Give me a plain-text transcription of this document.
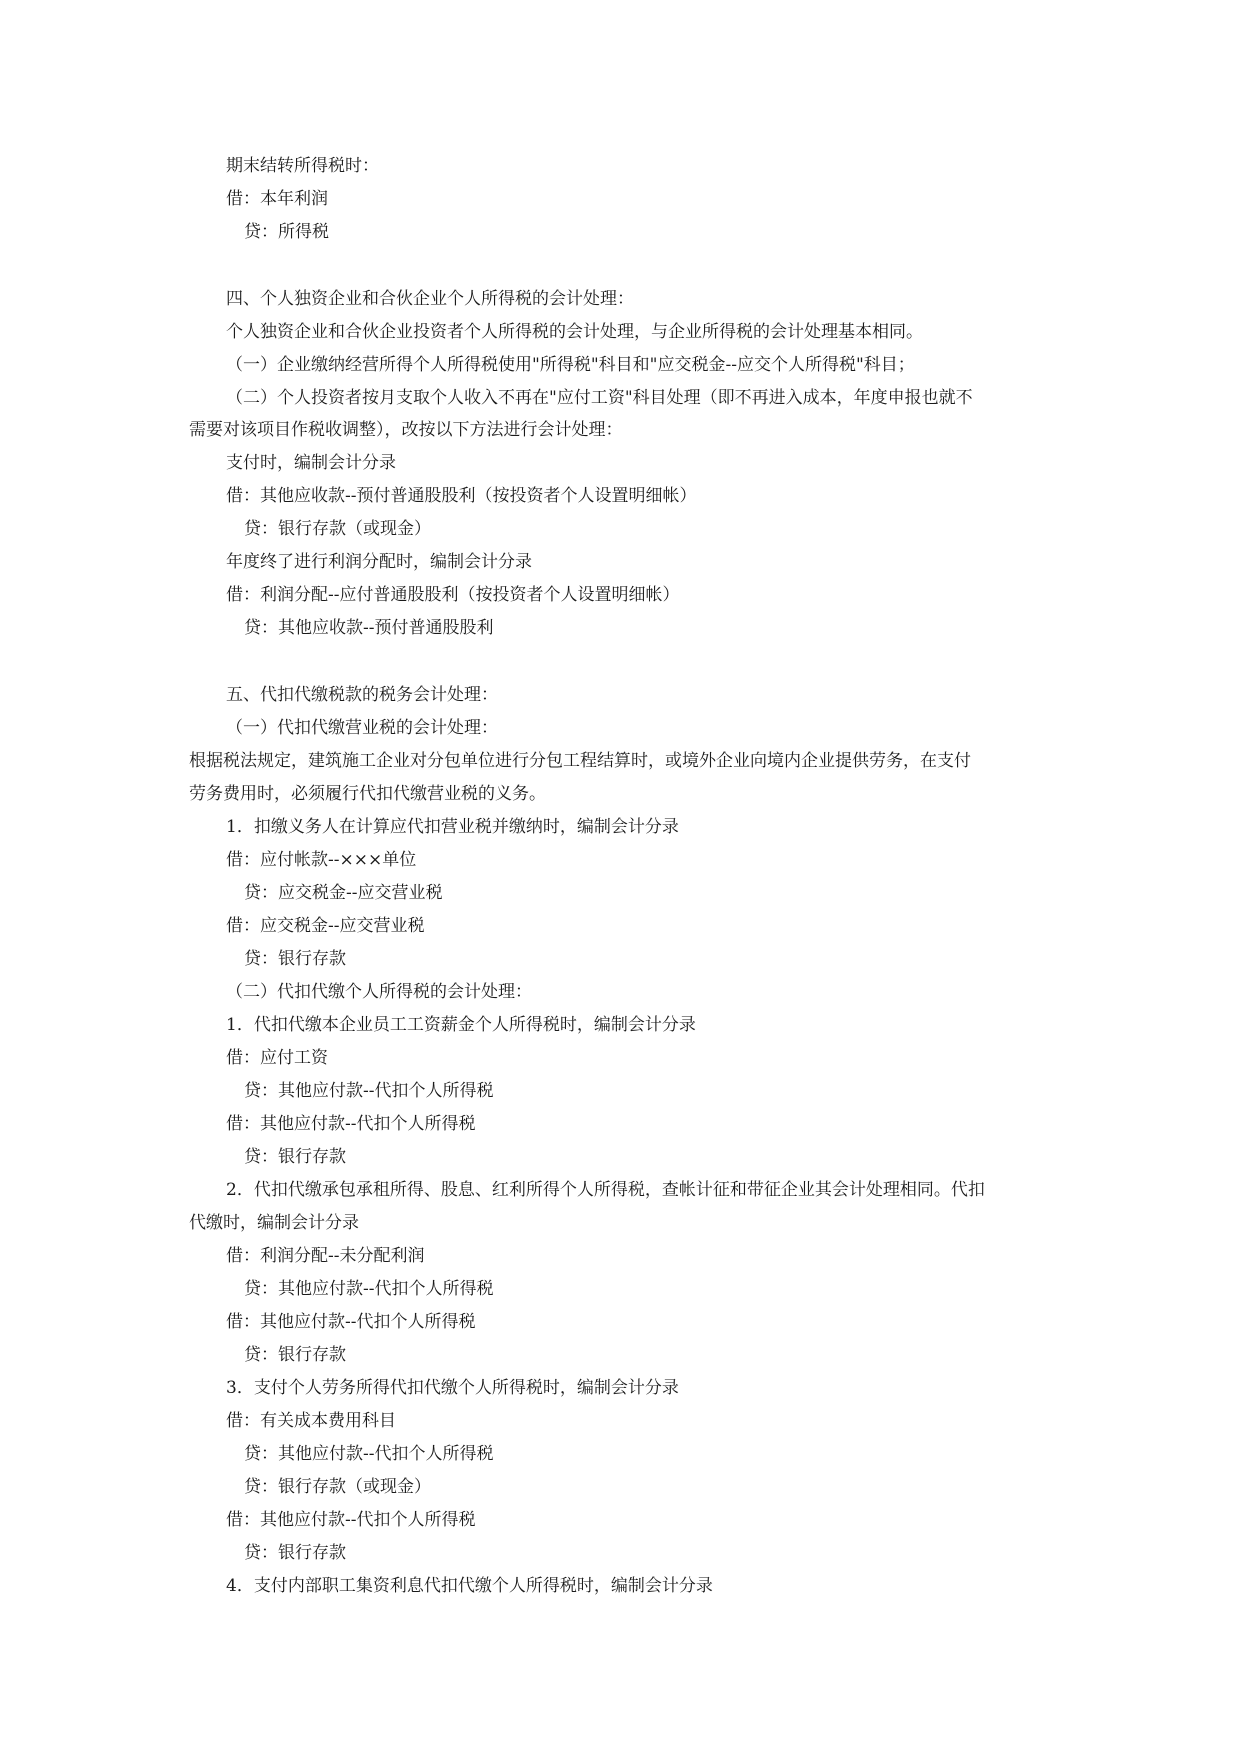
期末结转所得税时：
借：本年利润
贷：所得税
四、个人独资企业和合伙企业个人所得税的会计处理：
个人独资企业和合伙企业投资者个人所得税的会计处理，与企业所得税的会计处理基本相同。
（一）企业缴纳经营所得个人所得税使用"所得税"科目和"应交税金--应交个人所得税"科目；
（二）个人投资者按月支取个人收入不再在"应付工资"科目处理（即不再进入成本，年度申报也就不
需要对该项目作税收调整），改按以下方法进行会计处理：
支付时，编制会计分录
借：其他应收款--预付普通股股利（按投资者个人设置明细帐）
贷：银行存款（或现金）
年度终了进行利润分配时，编制会计分录
借：利润分配--应付普通股股利（按投资者个人设置明细帐）
贷：其他应收款--预付普通股股利
五、代扣代缴税款的税务会计处理：
（一）代扣代缴营业税的会计处理：
根据税法规定，建筑施工企业对分包单位进行分包工程结算时，或境外企业向境内企业提供劳务，在支付
劳务费用时，必须履行代扣代缴营业税的义务。
1．扣缴义务人在计算应代扣营业税并缴纳时，编制会计分录
借：应付帐款--×××单位
贷：应交税金--应交营业税
借：应交税金--应交营业税
贷：银行存款
（二）代扣代缴个人所得税的会计处理：
1．代扣代缴本企业员工工资薪金个人所得税时，编制会计分录
借：应付工资
贷：其他应付款--代扣个人所得税
借：其他应付款--代扣个人所得税
贷：银行存款
2．代扣代缴承包承租所得、股息、红利所得个人所得税，查帐计征和带征企业其会计处理相同。代扣
代缴时，编制会计分录
借：利润分配--未分配利润
贷：其他应付款--代扣个人所得税
借：其他应付款--代扣个人所得税
贷：银行存款
3．支付个人劳务所得代扣代缴个人所得税时，编制会计分录
借：有关成本费用科目
贷：其他应付款--代扣个人所得税
贷：银行存款（或现金）
借：其他应付款--代扣个人所得税
贷：银行存款
4．支付内部职工集资利息代扣代缴个人所得税时，编制会计分录
